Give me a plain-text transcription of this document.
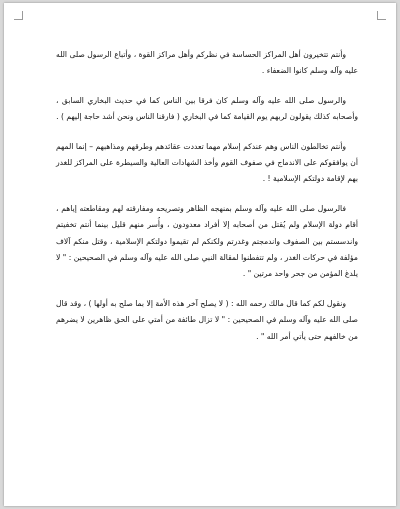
وأنتم تتخيرون أهل المراكز الحساسة في نظركم وأهل مراكز القوة ، وأتباع الرسول صلى الله عليه وآله وسلم كانوا الضعفاء .

والرسول صلى الله عليه وآله وسلم كان فرقا بين الناس كما في حديث البخاري السابق ، وأصحابه كذلك يقولون لربهم يوم القيامة كما في البخاري ( فارقنا الناس ونحن أشد حاجة إليهم ) .

وأنتم تخالطون الناس وهم عندكم إسلام مهما تعددت عقائدهم وطرقهم ومذاهبهم – إنما المهم أن يوافقوكم على الاندماج في صفوف القوم وأخذ الشهادات العالية والسيطرة على المراكز للغدر بهم لإقامة دولتكم الإسلامية ! .

فالرسول صلى الله عليه وآله وسلم بمنهجه الظاهر وتصريحه ومفارقته لهم ومقاطعته إياهم ، أقام دولة الإسلام ولم يُقتل من أصحابه إلا أفراد معدودون ، وأُسر منهم قليل بينما أنتم تخفيتم واندسستم بين الصفوف واندمجتم وغدرتم ولكنكم لم تقيموا دولتكم الإسلامية ، وقتل منكم آلاف مؤلفة في حركات الغدر ، ولم تتفطنوا لمقالة النبي صلى الله عليه وآله وسلم في الصحيحين : " لا يلدغ المؤمن من جحر واحد مرتين " .

ونقول لكم كما قال مالك رحمه الله : ( لا يصلح آخر هذه الأمة إلا بما صلح به أولها ) ، وقد قال صلى الله عليه وآله وسلم في الصحيحين : " لا تزال طائفة من أمتي على الحق ظاهرين لا يضرهم من خالفهم حتى يأتي أمر الله " .
